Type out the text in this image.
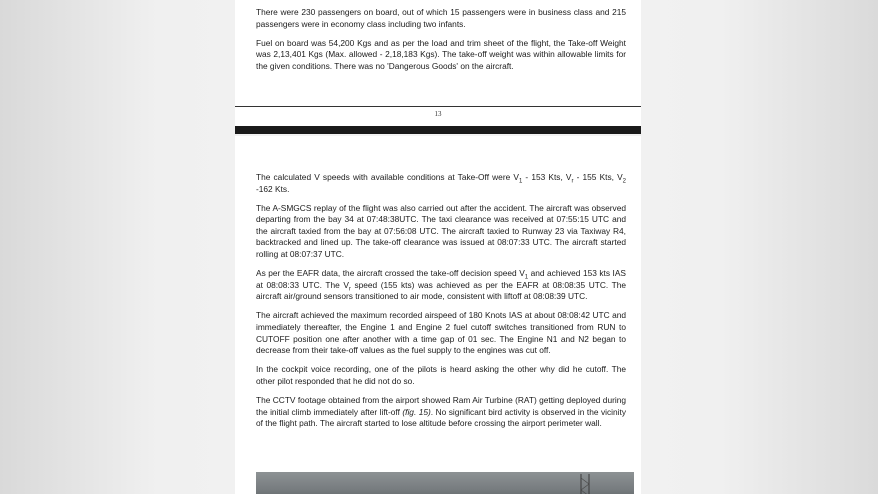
There were 230 passengers on board, out of which 15 passengers were in business class and 215 passengers were in economy class including two infants.

Fuel on board was 54,200 Kgs and as per the load and trim sheet of the flight, the Take-off Weight was 2,13,401 Kgs (Max. allowed - 2,18,183 Kgs). The take-off weight was within allowable limits for the given conditions. There was no 'Dangerous Goods' on the aircraft.

13

The calculated V speeds with available conditions at Take-Off were $V_1 - 153$ Kts, $V_r - 155$ Kts, $V_2$ -162 Kts.

The A-SMGCS replay of the flight was also carried out after the accident. The aircraft was observed departing from the bay 34 at 07:48:38UTC. The taxi clearance was received at 07:55:15 UTC and the aircraft taxied from the bay at 07:56:08 UTC. The aircraft taxied to Runway 23 via Taxiway R4, backtracked and lined up. The take-off clearance was issued at 08:07:33 UTC. The aircraft started rolling at 08:07:37 UTC.

As per the EAFR data, the aircraft crossed the take-off decision speed $V_1$ and achieved 153 kts IAS at 08:08:33 UTC. The $V_r$ speed (155 kts) was achieved as per the EAFR at 08:08:35 UTC. The aircraft air/ground sensors transitioned to air mode, consistent with liftoff at 08:08:39 UTC.

The aircraft achieved the maximum recorded airspeed of 180 Knots IAS at about 08:08:42 UTC and immediately thereafter, the Engine 1 and Engine 2 fuel cutoff switches transitioned from RUN to CUTOFF position one after another with a time gap of 01 sec. The Engine N1 and N2 began to decrease from their take-off values as the fuel supply to the engines was cut off.

In the cockpit voice recording, one of the pilots is heard asking the other why did he cutoff. The other pilot responded that he did not do so.

The CCTV footage obtained from the airport showed Ram Air Turbine (RAT) getting deployed during the initial climb immediately after lift-off (fig. 15). No significant bird activity is observed in the vicinity of the flight path. The aircraft started to lose altitude before crossing the airport perimeter wall.
